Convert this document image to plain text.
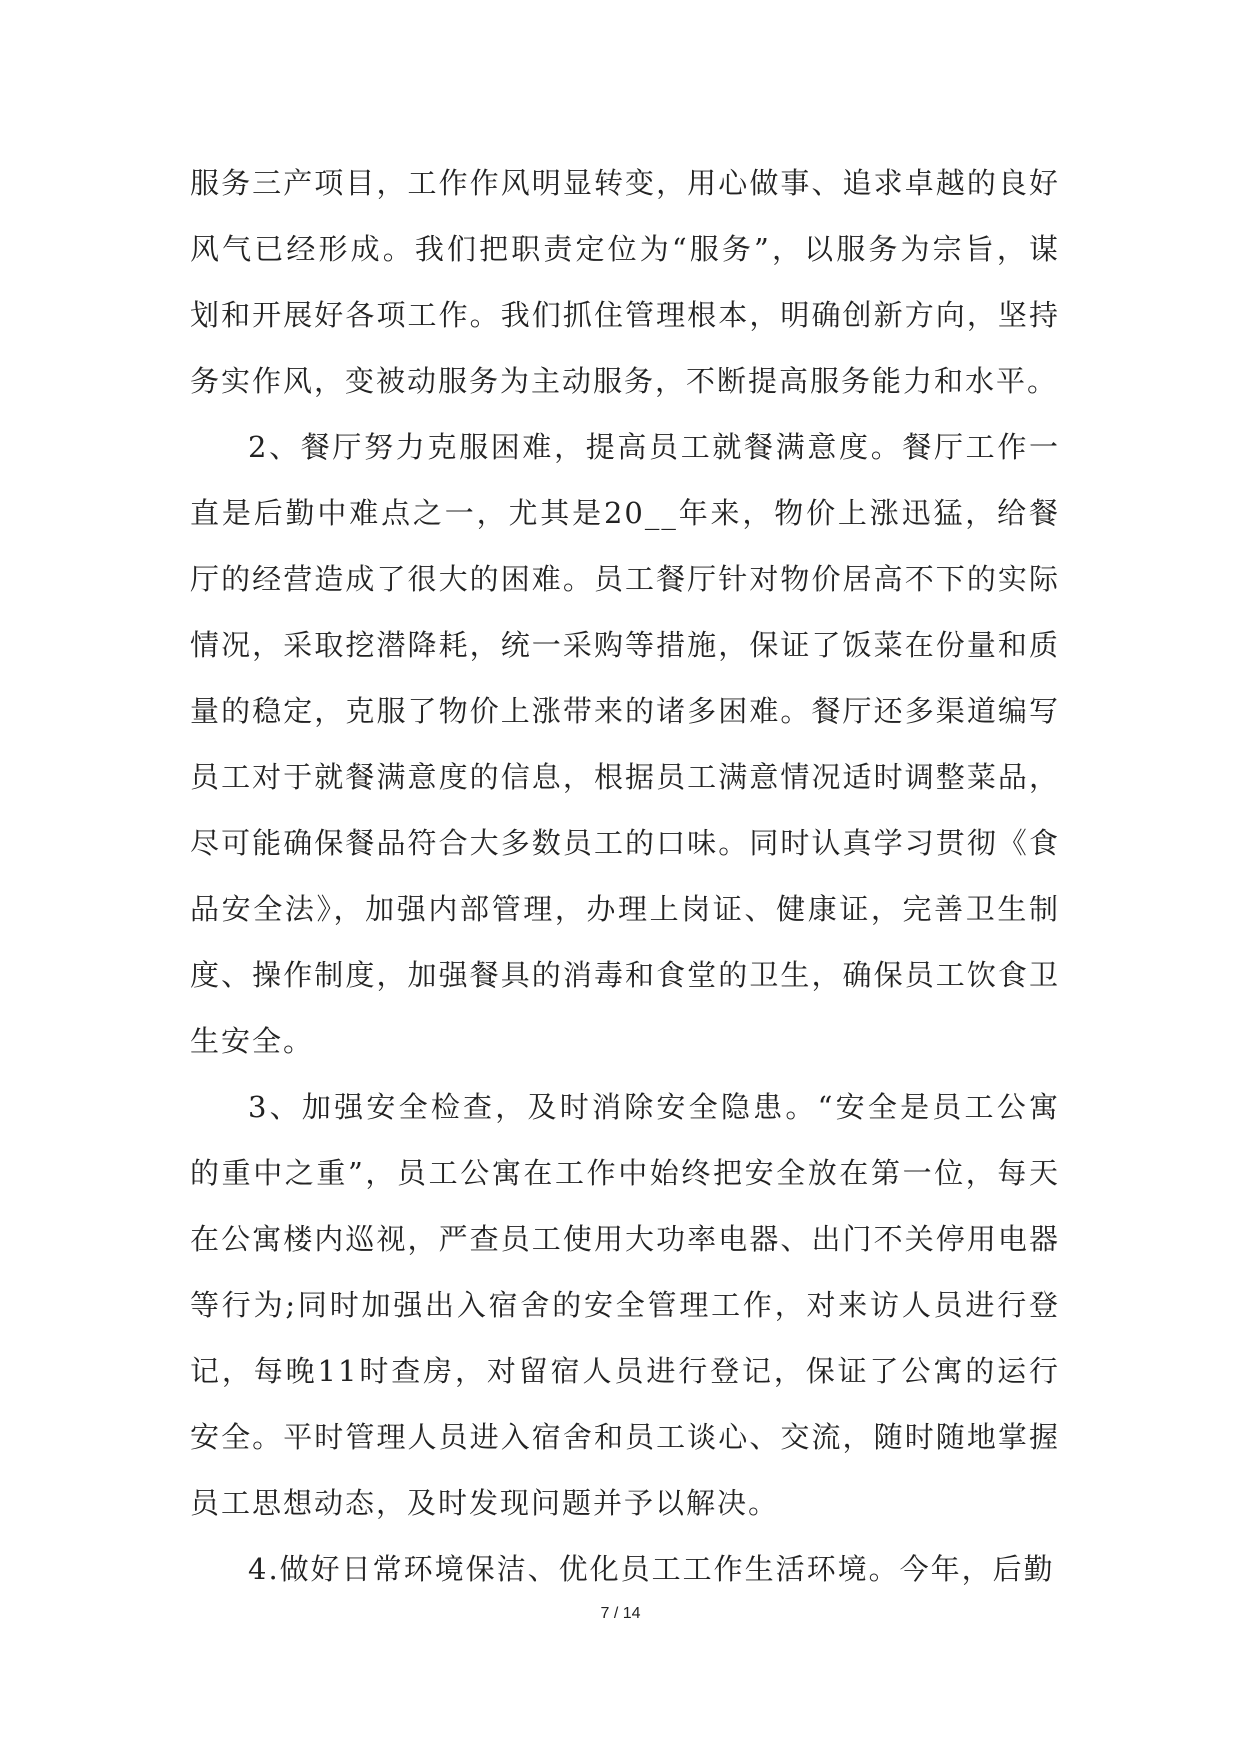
服务三产项目，工作作风明显转变，用心做事、追求卓越的良好风气已经形成。我们把职责定位为“服务”，以服务为宗旨，谋划和开展好各项工作。我们抓住管理根本，明确创新方向，坚持务实作风，变被动服务为主动服务，不断提高服务能力和水平。

2、餐厅努力克服困难，提高员工就餐满意度。餐厅工作一直是后勤中难点之一，尤其是20__年来，物价上涨迅猛，给餐厅的经营造成了很大的困难。员工餐厅针对物价居高不下的实际情况，采取挖潜降耗，统一采购等措施，保证了饭菜在份量和质量的稳定，克服了物价上涨带来的诸多困难。餐厅还多渠道编写员工对于就餐满意度的信息，根据员工满意情况适时调整菜品，尽可能确保餐品符合大多数员工的口味。同时认真学习贯彻《食品安全法》，加强内部管理，办理上岗证、健康证，完善卫生制度、操作制度，加强餐具的消毒和食堂的卫生，确保员工饮食卫生安全。

3、加强安全检查，及时消除安全隐患。“安全是员工公寓的重中之重”，员工公寓在工作中始终把安全放在第一位，每天在公寓楼内巡视，严查员工使用大功率电器、出门不关停用电器等行为;同时加强出入宿舍的安全管理工作，对来访人员进行登记，每晚11时查房，对留宿人员进行登记，保证了公寓的运行安全。平时管理人员进入宿舍和员工谈心、交流，随时随地掌握员工思想动态，及时发现问题并予以解决。

4.做好日常环境保洁、优化员工工作生活环境。今年，后勤

7 / 14
